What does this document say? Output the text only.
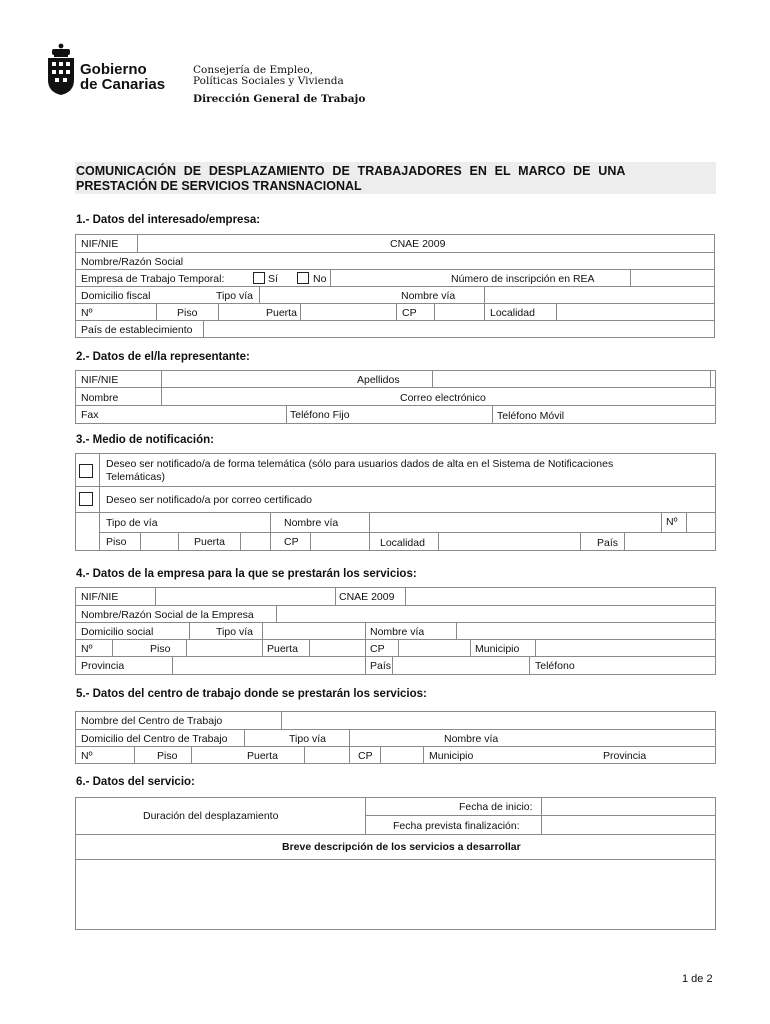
Gobierno
de Canarias
Consejería de Empleo,
Políticas Sociales y Vivienda
Dirección General de Trabajo
COMUNICACIÓN DE DESPLAZAMIENTO DE TRABAJADORES EN EL MARCO DE UNA
PRESTACIÓN DE SERVICIOS TRANSNACIONAL
1.- Datos del interesado/empresa:
NIF/NIE	CNAE 2009
Nombre/Razón Social
Empresa de Trabajo Temporal:	Sí	No	Número de inscripción en REA
Domicilio fiscal	Tipo vía	Nombre vía
Nº	Piso	Puerta	CP	Localidad
País de establecimiento
2.- Datos de el/la representante:
NIF/NIE	Apellidos
Nombre	Correo electrónico
Fax	Teléfono Fijo	Teléfono Móvil
3.- Medio de notificación:
Deseo ser notificado/a de forma telemática (sólo para usuarios dados de alta en el Sistema de Notificaciones
Telemáticas)
Deseo ser notificado/a por correo certificado
Tipo de vía	Nombre vía	Nº
Piso	Puerta	CP	Localidad	País
4.- Datos de la empresa para la que se prestarán los servicios:
NIF/NIE	CNAE 2009
Nombre/Razón Social de la Empresa
Domicilio social	Tipo vía	Nombre vía
Nº	Piso	Puerta	CP	Municipio
Provincia	País	Teléfono
5.- Datos del centro de trabajo donde se prestarán los servicios:
Nombre del Centro de Trabajo
Domicilio del Centro de Trabajo	Tipo vía	Nombre vía
Nº	Piso	Puerta	CP	Municipio	Provincia
6.- Datos del servicio:
Duración del desplazamiento
Fecha de inicio:
Fecha prevista finalización:
Breve descripción de los servicios a desarrollar
1 de 2
